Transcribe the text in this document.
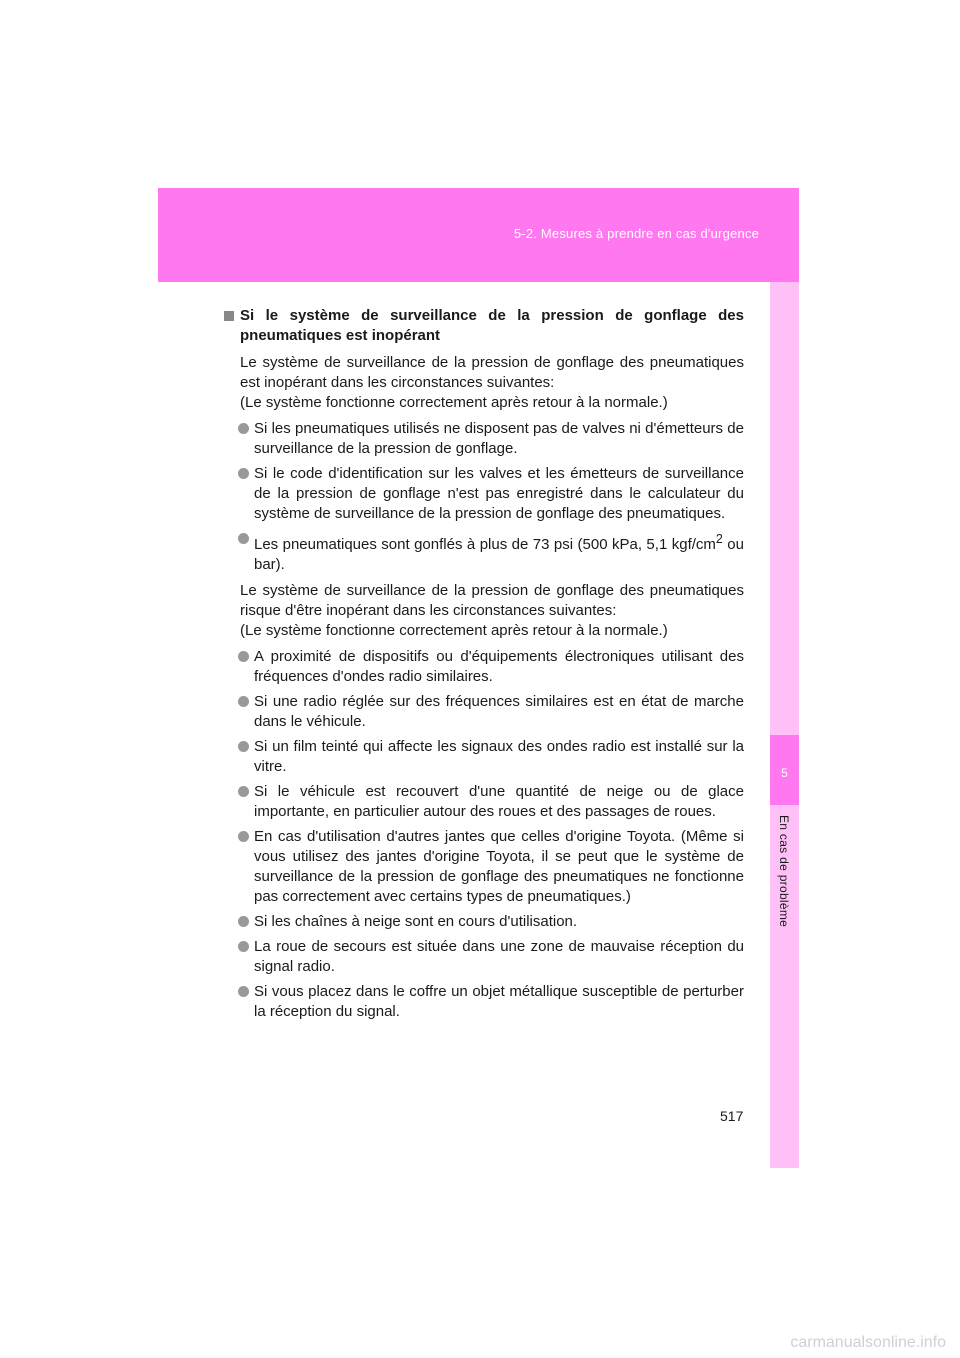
5-2. Mesures à prendre en cas d'urgence
5
En cas de problème
Si le système de surveillance de la pression de gonflage des pneumatiques est inopérant
Le système de surveillance de la pression de gonflage des pneumatiques est inopérant dans les circonstances suivantes:
(Le système fonctionne correctement après retour à la normale.)
Si les pneumatiques utilisés ne disposent pas de valves ni d'émetteurs de surveillance de la pression de gonflage.
Si le code d'identification sur les valves et les émetteurs de surveillance de la pression de gonflage n'est pas enregistré dans le calculateur du système de surveillance de la pression de gonflage des pneumatiques.
Les pneumatiques sont gonflés à plus de 73 psi (500 kPa, 5,1 kgf/$cm^2$ ou bar).
Le système de surveillance de la pression de gonflage des pneumatiques risque d'être inopérant dans les circonstances suivantes:
(Le système fonctionne correctement après retour à la normale.)
A proximité de dispositifs ou d'équipements électroniques utilisant des fréquences d'ondes radio similaires.
Si une radio réglée sur des fréquences similaires est en état de marche dans le véhicule.
Si un film teinté qui affecte les signaux des ondes radio est installé sur la vitre.
Si le véhicule est recouvert d'une quantité de neige ou de glace importante, en particulier autour des roues et des passages de roues.
En cas d'utilisation d'autres jantes que celles d'origine Toyota. (Même si vous utilisez des jantes d'origine Toyota, il se peut que le système de surveillance de la pression de gonflage des pneumatiques ne fonctionne pas correctement avec certains types de pneumatiques.)
Si les chaînes à neige sont en cours d'utilisation.
La roue de secours est située dans une zone de mauvaise réception du signal radio.
Si vous placez dans le coffre un objet métallique susceptible de perturber la réception du signal.
517
carmanualsonline.info
